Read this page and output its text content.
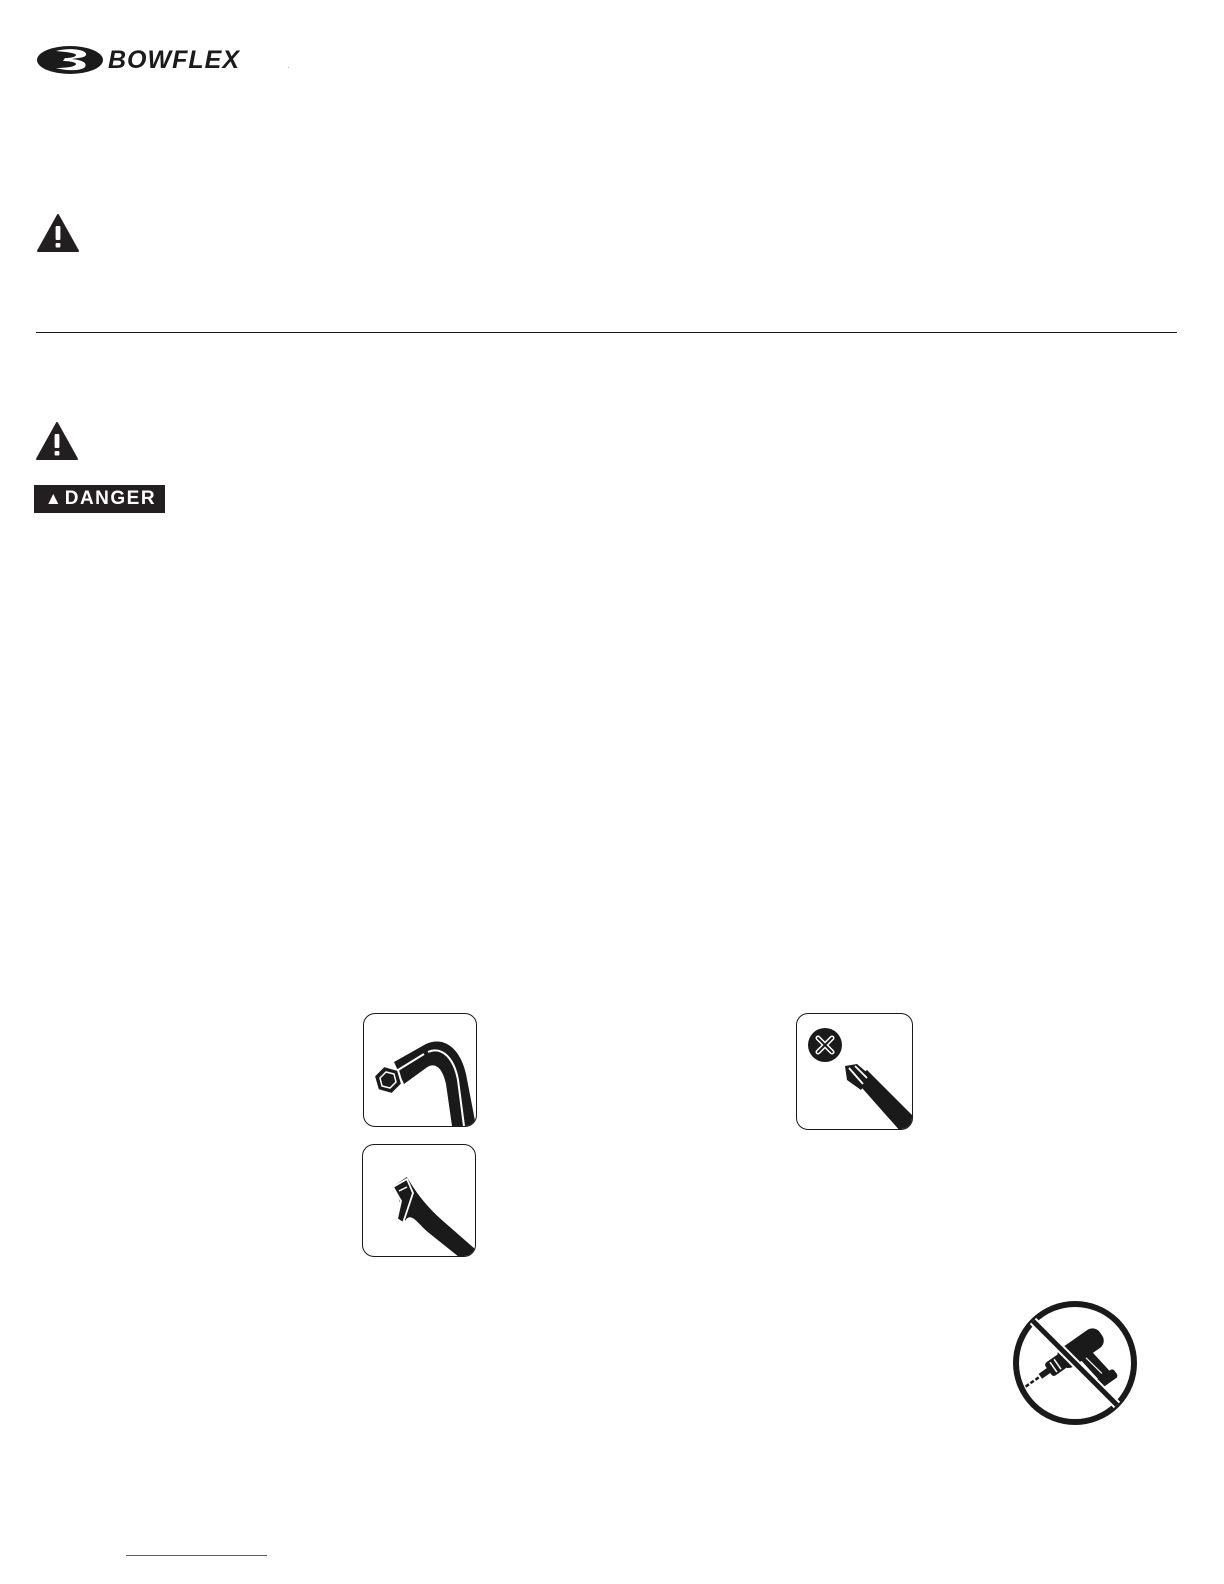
BOWFLEX	.
▲ DANGER
